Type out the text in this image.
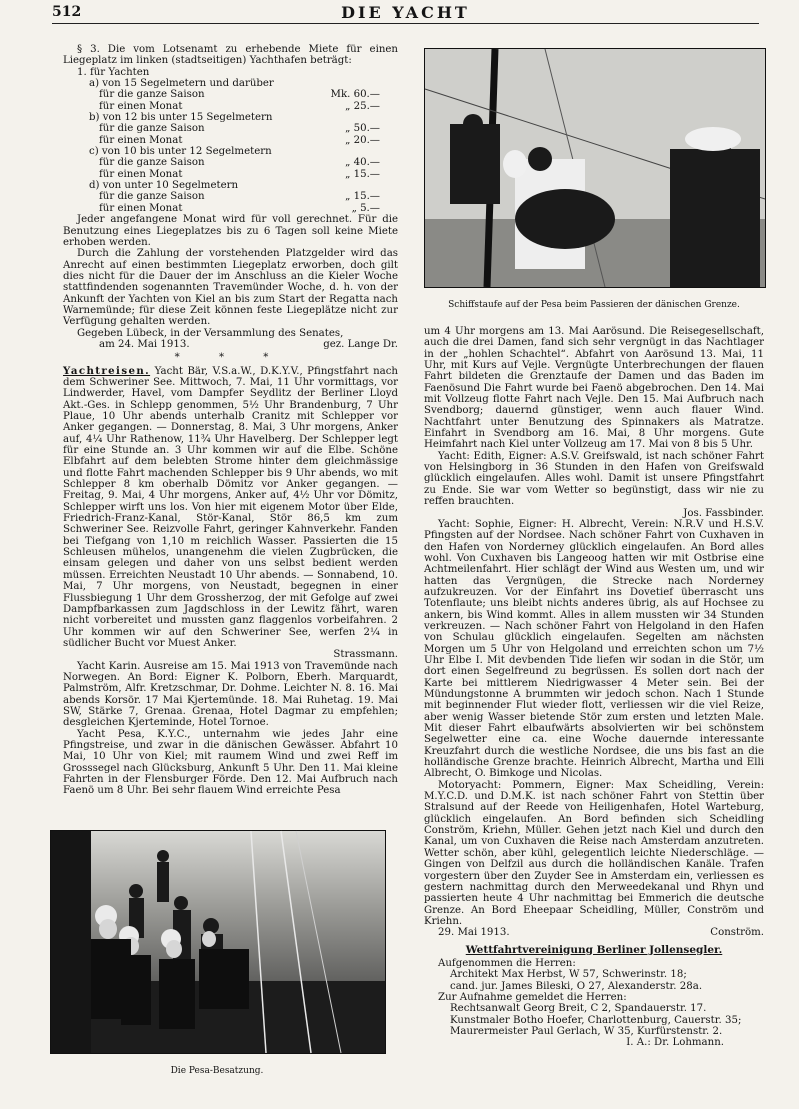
512	DIE YACHT

§ 3. Die vom Lotsenamt zu erhebende Miete für einen Liegeplatz im linken (stadtseitigen) Yachthafen beträgt:

1. für Yachten
a) von 15 Segelmetern und darüber
für die ganze Saison	Mk. 60.—
für einen Monat	„ 25.—
b) von 12 bis unter 15 Segelmetern
für die ganze Saison	„ 50.—
für einen Monat	„ 20.—
c) von 10 bis unter 12 Segelmetern
für die ganze Saison	„ 40.—
für einen Monat	„ 15.—
d) von unter 10 Segelmetern
für die ganze Saison	„ 15.—
für einen Monat	„ 5.—

Jeder angefangene Monat wird für voll gerechnet. Für die Benutzung eines Liegeplatzes bis zu 6 Tagen soll keine Miete erhoben werden.

Durch die Zahlung der vorstehenden Platzgelder wird das Anrecht auf einen bestimmten Liegeplatz erworben, doch gilt dies nicht für die Dauer der im Anschluss an die Kieler Woche stattfindenden sogenannten Travemünder Woche, d. h. von der Ankunft der Yachten von Kiel an bis zum Start der Regatta nach Warnemünde; für diese Zeit können feste Liegeplätze nicht zur Verfügung gehalten werden.

Gegeben Lübeck, in der Versammlung des Senates,

am 24. Mai 1913.	gez. Lange Dr.
* * *

Yachtreisen. Yacht Bär, V.S.a.W., D.K.Y.V., Pfingstfahrt nach dem Schweriner See. Mittwoch, 7. Mai, 11 Uhr vormittags, vor Lindwerder, Havel, vom Dampfer Seydlitz der Berliner Lloyd Akt.-Ges. in Schlepp genommen, 5½ Uhr Brandenburg, 7 Uhr Plaue, 10 Uhr abends unterhalb Cranitz mit Schlepper vor Anker gegangen. — Donnerstag, 8. Mai, 3 Uhr morgens, Anker auf, 4¼ Uhr Rathenow, 11¾ Uhr Havelberg. Der Schlepper legt für eine Stunde an. 3 Uhr kommen wir auf die Elbe. Schöne Elbfahrt auf dem belebten Strome hinter dem gleichmässige und flotte Fahrt machenden Schlepper bis 9 Uhr abends, wo mit Schlepper 8 km oberhalb Dömitz vor Anker gegangen. — Freitag, 9. Mai, 4 Uhr morgens, Anker auf, 4½ Uhr vor Dömitz, Schlepper wirft uns los. Von hier mit eigenem Motor über Elde, Friedrich-Franz-Kanal, Stör-Kanal, Stör 86,5 km zum Schweriner See. Reizvolle Fahrt, geringer Kahnverkehr. Fanden bei Tiefgang von 1,10 m reichlich Wasser. Passierten die 15 Schleusen mühelos, unangenehm die vielen Zugbrücken, die einsam gelegen und daher von uns selbst bedient werden müssen. Erreichten Neustadt 10 Uhr abends. — Sonnabend, 10. Mai, 7 Uhr morgens, von Neustadt, begegnen in einer Flussbiegung 1 Uhr dem Grossherzog, der mit Gefolge auf zwei Dampfbarkassen zum Jagdschloss in der Lewitz fährt, waren nicht vorbereitet und mussten ganz flaggenlos vorbeifahren. 2 Uhr kommen wir auf den Schweriner See, werfen 2¼ in südlicher Bucht vor Muest Anker.

Strassmann.

Yacht Karin. Ausreise am 15. Mai 1913 von Travemünde nach Norwegen. An Bord: Eigner K. Polborn, Eberh. Marquardt, Palmström, Alfr. Kretzschmar, Dr. Dohme. Leichter N. 8. 16. Mai abends Korsör. 17 Mai Kjertemünde. 18. Mai Ruhetag. 19. Mai SW, Stärke 7, Grenaa. Grenaa, Hotel Dagmar zu empfehlen; desgleichen Kjerteminde, Hotel Tornoe.

Yacht Pesa, K.Y.C., unternahm wie jedes Jahr eine Pfingstreise, und zwar in die dänischen Gewässer. Abfahrt 10 Mai, 10 Uhr von Kiel; mit raumem Wind und zwei Reff im Grosssegel nach Glücksburg, Ankunft 5 Uhr. Den 11. Mai kleine Fahrten in der Flensburger Förde. Den 12. Mai Aufbruch nach Faenö um 8 Uhr. Bei sehr flauem Wind erreichte Pesa

Die Pesa-Besatzung.
Schiffstaufe auf der Pesa beim Passieren der dänischen Grenze.

um 4 Uhr morgens am 13. Mai Aarösund. Die Reisegesellschaft, auch die drei Damen, fand sich sehr vergnügt in das Nachtlager in der „hohlen Schachtel“. Abfahrt von Aarösund 13. Mai, 11 Uhr, mit Kurs auf Vejle. Vergnügte Unterbrechungen der flauen Fahrt bildeten die Grenztaufe der Damen und das Baden im Faenösund Die Fahrt wurde bei Faenö abgebrochen. Den 14. Mai mit Vollzeug flotte Fahrt nach Vejle. Den 15. Mai Aufbruch nach Svendborg; dauernd günstiger, wenn auch flauer Wind. Nachtfahrt unter Benutzung des Spinnakers als Matratze. Einfahrt in Svendborg am 16. Mai, 8 Uhr morgens. Gute Heimfahrt nach Kiel unter Vollzeug am 17. Mai von 8 bis 5 Uhr.

Yacht: Edith, Eigner: A.S.V. Greifswald, ist nach schöner Fahrt von Helsingborg in 36 Stunden in den Hafen von Greifswald glücklich eingelaufen. Alles wohl. Damit ist unsere Pfingstfahrt zu Ende. Sie war vom Wetter so begünstigt, dass wir nie zu reffen brauchten.

Jos. Fassbinder.

Yacht: Sophie, Eigner: H. Albrecht, Verein: N.R.V und H.S.V. Pfingsten auf der Nordsee. Nach schöner Fahrt von Cuxhaven in den Hafen von Norderney glücklich eingelaufen. An Bord alles wohl. Von Cuxhaven bis Langeoog hatten wir mit Ostbrise eine Achtmeilenfahrt. Hier schlägt der Wind aus Westen um, und wir hatten das Vergnügen, die Strecke nach Norderney aufzukreuzen. Vor der Einfahrt ins Dovetief überrascht uns Totenflaute; uns bleibt nichts anderes übrig, als auf Hochsee zu ankern, bis Wind kommt. Alles in allem mussten wir 34 Stunden verkreuzen. — Nach schöner Fahrt von Helgoland in den Hafen von Schulau glücklich eingelaufen. Segelten am nächsten Morgen um 5 Uhr von Helgoland und erreichten schon um 7½ Uhr Elbe I. Mit devbenden Tide liefen wir sodan in die Stör, um dort einen Segelfreund zu begrüssen. Es sollen dort nach der Karte bei mittlerem Niedrigwasser 4 Meter sein. Bei der Mündungstonne A brummten wir jedoch schon. Nach 1 Stunde mit beginnender Flut wieder flott, verliessen wir die viel Reize, aber wenig Wasser bietende Stör zum ersten und letzten Male. Mit dieser Fahrt elbaufwärts absolvierten wir bei schönstem Segelwetter eine ca. eine Woche dauernde interessante Kreuzfahrt durch die westliche Nordsee, die uns bis fast an die holländische Grenze brachte. Heinrich Albrecht, Martha und Elli Albrecht, O. Bimkoge und Nicolas.

Motoryacht: Pommern, Eigner: Max Scheidling, Verein: M.Y.C.D. und D.M.K. ist nach schöner Fahrt von Stettin über Stralsund auf der Reede von Heiligenhafen, Hotel Warteburg, glücklich eingelaufen. An Bord befinden sich Scheidling Conström, Kriehn, Müller. Gehen jetzt nach Kiel und durch den Kanal, um von Cuxhaven die Reise nach Amsterdam anzutreten. Wetter schön, aber kühl, gelegentlich leichte Niederschläge. — Gingen von Delfzil aus durch die holländischen Kanäle. Trafen vorgestern über den Zuyder See in Amsterdam ein, verliessen es gestern nachmittag durch den Merweedekanal und Rhyn und passierten heute 4 Uhr nachmittag bei Emmerich die deutsche Grenze. An Bord Eheepaar Scheidling, Müller, Conström und Kriehn.

29. Mai 1913.	Conström.
Wettfahrtvereinigung Berliner Jollensegler.
Aufgenommen die Herren:
Architekt Max Herbst, W 57, Schwerinstr. 18;
cand. jur. James Bileski, O 27, Alexanderstr. 28a.
Zur Aufnahme gemeldet die Herren:
Rechtsanwalt Georg Breit, C 2, Spandauerstr. 17.
Kunstmaler Botho Hoefer, Charlottenburg, Cauerstr. 35;
Maurermeister Paul Gerlach, W 35, Kurfürstenstr. 2.
I. A.: Dr. Lohmann.
